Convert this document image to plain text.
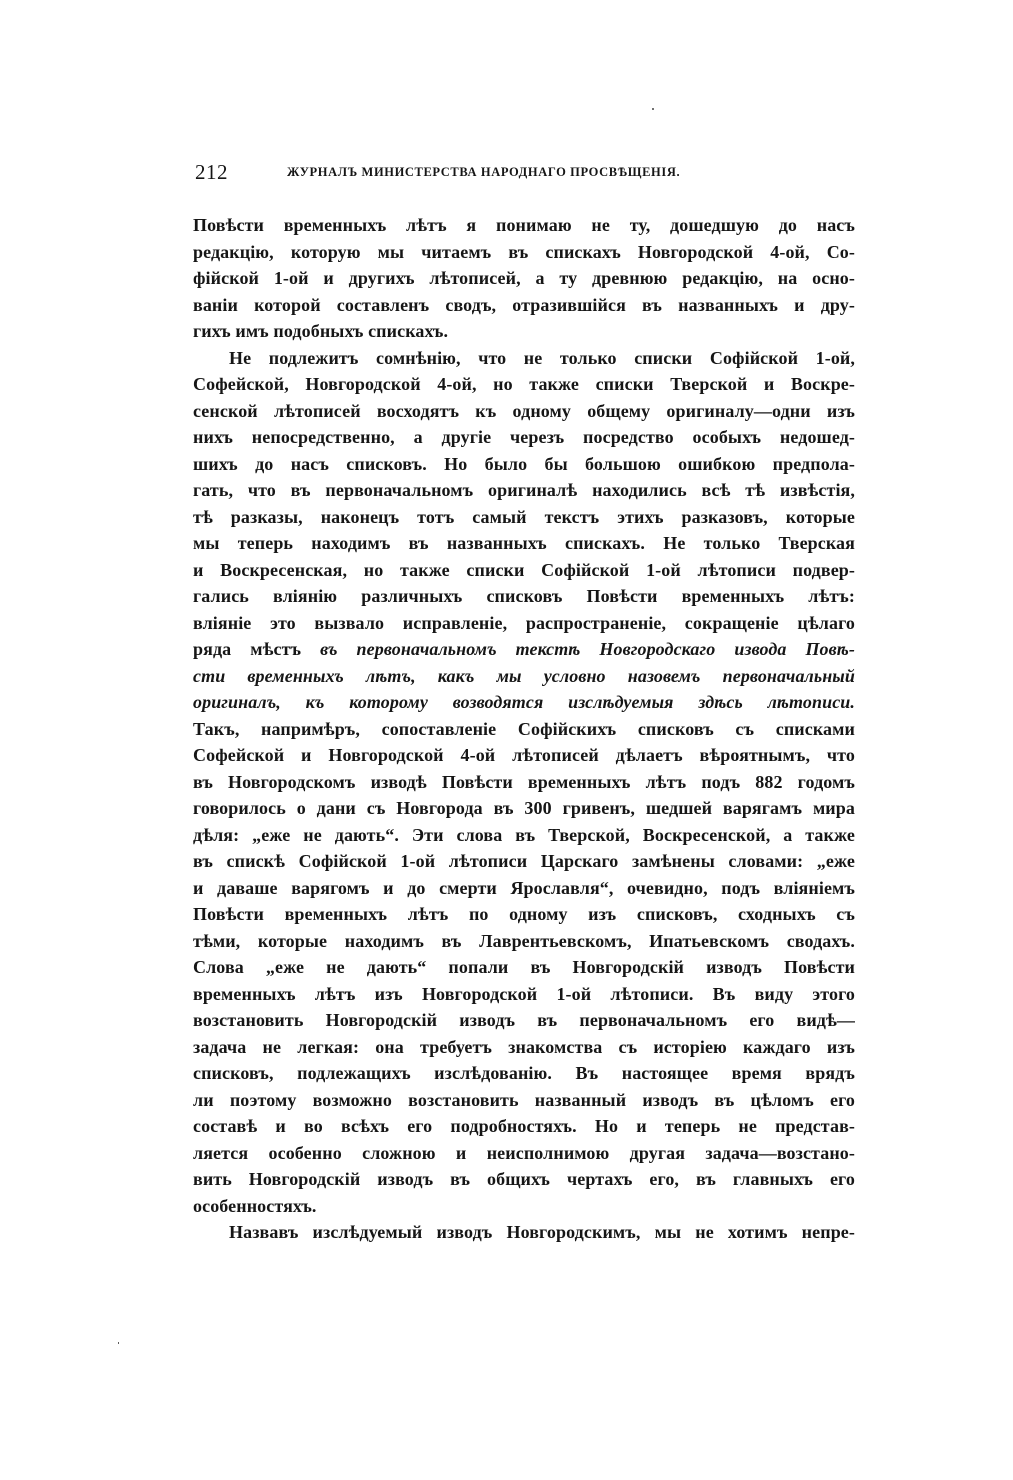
212	ЖУРНАЛЪ МИНИСТЕРСТВА НАРОДНАГО ПРОСВѢЩЕНІЯ.
Повѣсти временныхъ лѣтъ я понимаю не ту, дошедшую до насъ
редакцію, которую мы читаемъ въ спискахъ Новгородской 4-ой, Со-
фійской 1-ой и другихъ лѣтописей, а ту древнюю редакцію, на осно-
ваніи которой составленъ сводъ, отразившійся въ названныхъ и дру-
гихъ имъ подобныхъ спискахъ.
Не подлежитъ сомнѣнію, что не только списки Софійской 1-ой,
Софейской, Новгородской 4-ой, но также списки Тверской и Воскре-
сенской лѣтописей восходятъ къ одному общему оригиналу—одни изъ
нихъ непосредственно, а другіе черезъ посредство особыхъ недошед-
шихъ до насъ списковъ. Но было бы большою ошибкою предпола-
гать, что въ первоначальномъ оригиналѣ находились всѣ тѣ извѣстія,
тѣ разказы, наконецъ тотъ самый текстъ этихъ разказовъ, которые
мы теперь находимъ въ названныхъ спискахъ. Не только Тверская
и Воскресенская, но также списки Софійской 1-ой лѣтописи подвер-
гались вліянію различныхъ списковъ Повѣсти временныхъ лѣтъ:
вліяніе это вызвало исправленіе, распространеніе, сокращеніе цѣлаго
ряда мѣстъ въ первоначальномъ текстѣ Новгородскаго извода Повѣ-
сти временныхъ лѣтъ, какъ мы условно назовемъ первоначальный
оригиналъ, къ которому возводятся изслѣдуемыя здѣсь лѣтописи.
Такъ, напримѣръ, сопоставленіе Софійскихъ списковъ съ списками
Софейской и Новгородской 4-ой лѣтописей дѣлаетъ вѣроятнымъ, что
въ Новгородскомъ изводѣ Повѣсти временныхъ лѣтъ подъ 882 годомъ
говорилось о дани съ Новгорода въ 300 гривенъ, шедшей варягамъ мира
дѣля: „еже не дають“. Эти слова въ Тверской, Воскресенской, а также
въ спискѣ Софійской 1-ой лѣтописи Царскаго замѣнены словами: „еже
и даваше варягомъ и до смерти Ярославля“, очевидно, подъ вліяніемъ
Повѣсти временныхъ лѣтъ по одному изъ списковъ, сходныхъ съ
тѣми, которые находимъ въ Лаврентьевскомъ, Ипатьевскомъ сводахъ.
Слова „еже не дають“ попали въ Новгородскій изводъ Повѣсти
временныхъ лѣтъ изъ Новгородской 1-ой лѣтописи. Въ виду этого
возстановить Новгородскій изводъ въ первоначальномъ его видѣ—
задача не легкая: она требуетъ знакомства съ исторіею каждаго изъ
списковъ, подлежащихъ изслѣдованію. Въ настоящее время врядъ
ли поэтому возможно возстановить названный изводъ въ цѣломъ его
составѣ и во всѣхъ его подробностяхъ. Но и теперь не представ-
ляется особенно сложною и неисполнимою другая задача—возстано-
вить Новгородскій изводъ въ общихъ чертахъ его, въ главныхъ его
особенностяхъ.
Назвавъ изслѣдуемый изводъ Новгородскимъ, мы не хотимъ непре-
